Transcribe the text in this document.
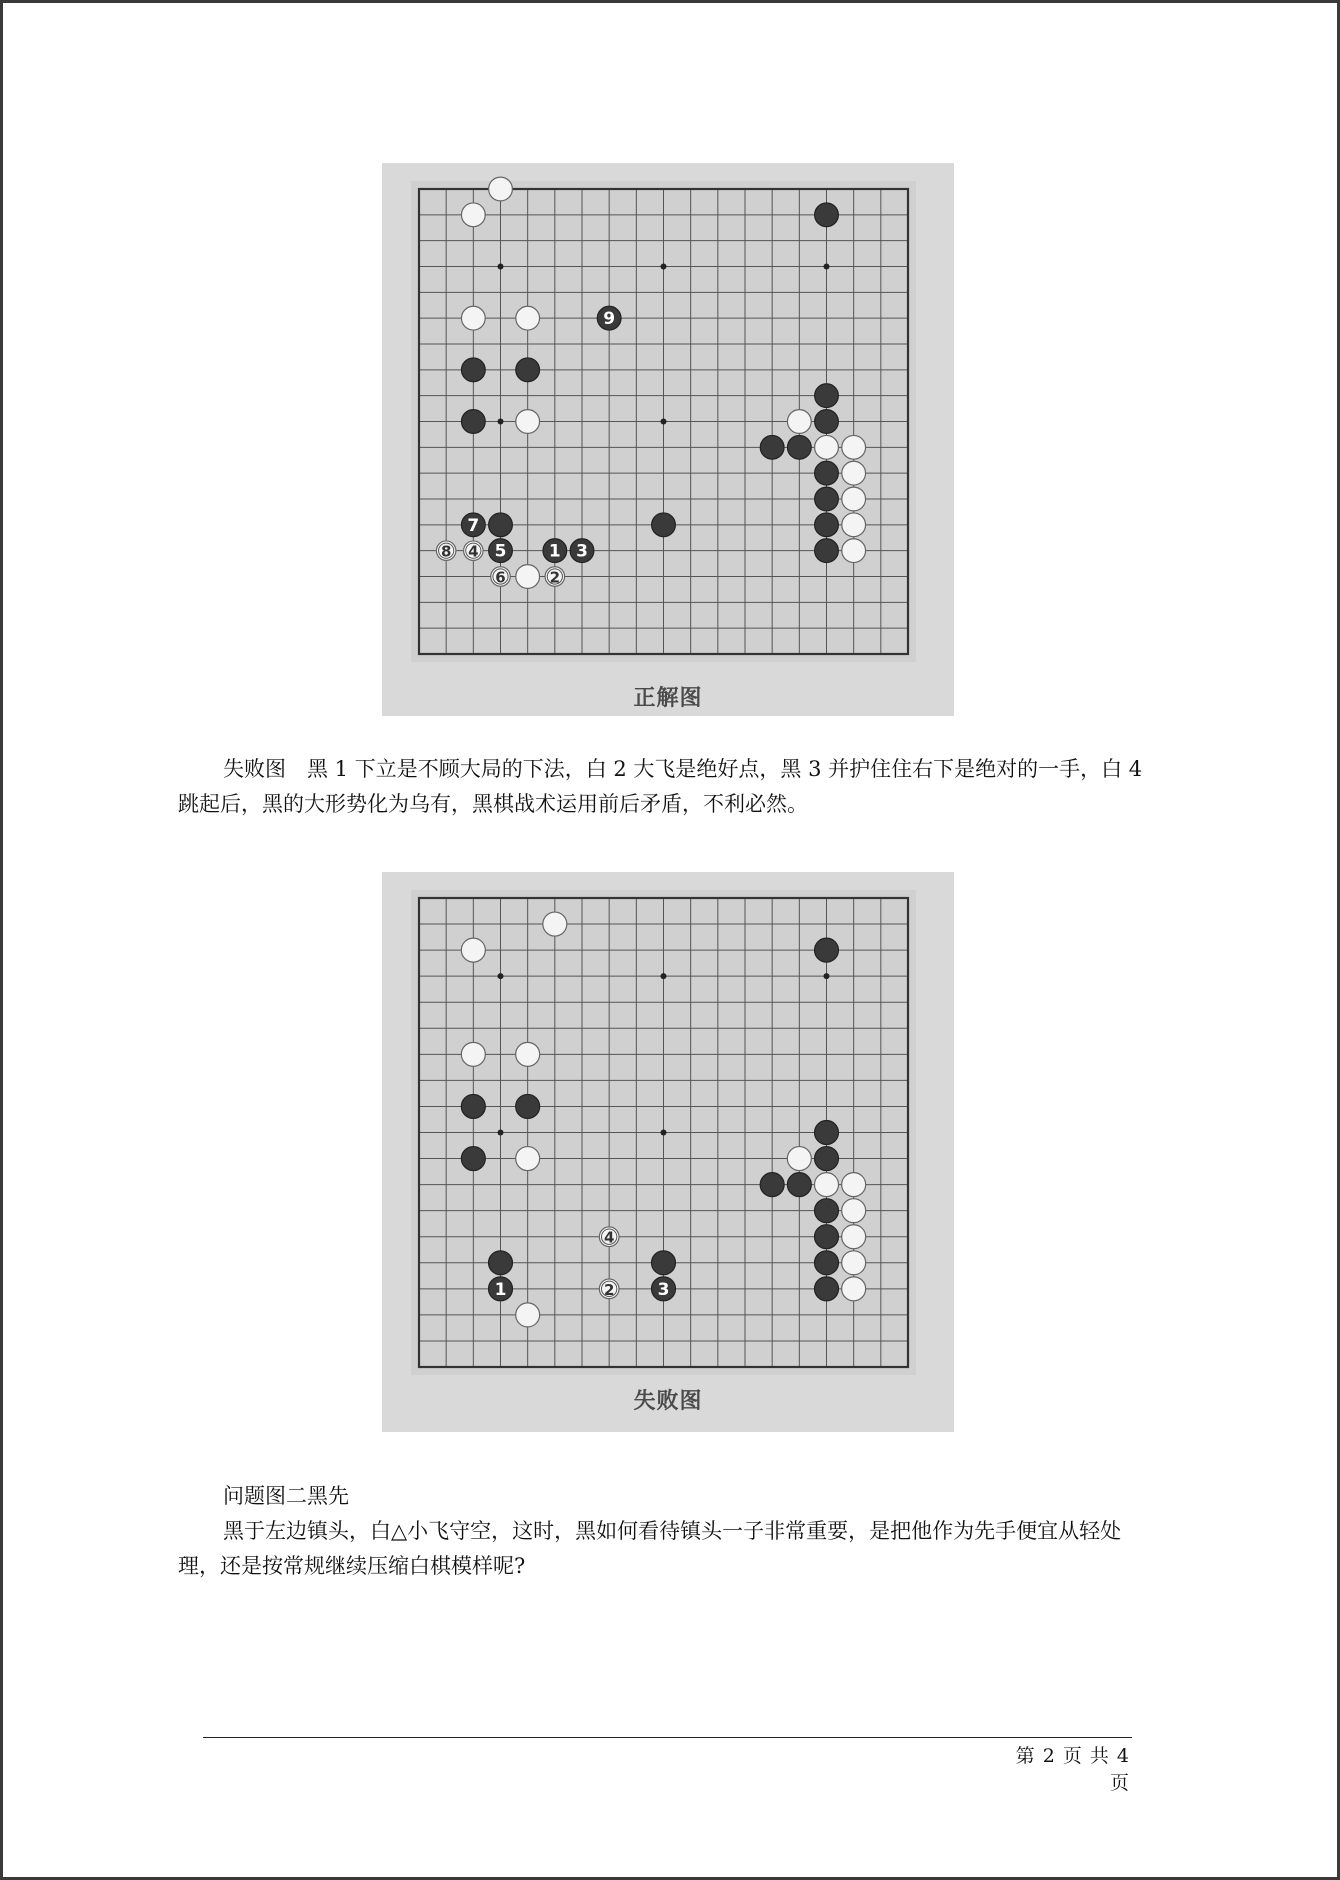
9
7
8 4 5 1 3
6	2
正解图

失败图　黑 1 下立是不顾大局的下法，白 2 大飞是绝好点，黑 3 并护住住右下是绝对的一手，白 4 跳起后，黑的大形势化为乌有，黑棋战术运用前后矛盾，不利必然。

4
1	2	3
失败图

问题图二黑先

黑于左边镇头，白△小飞守空，这时，黑如何看待镇头一子非常重要，是把他作为先手便宜从轻处理，还是按常规继续压缩白棋模样呢?

第 2 页 共 4 页
